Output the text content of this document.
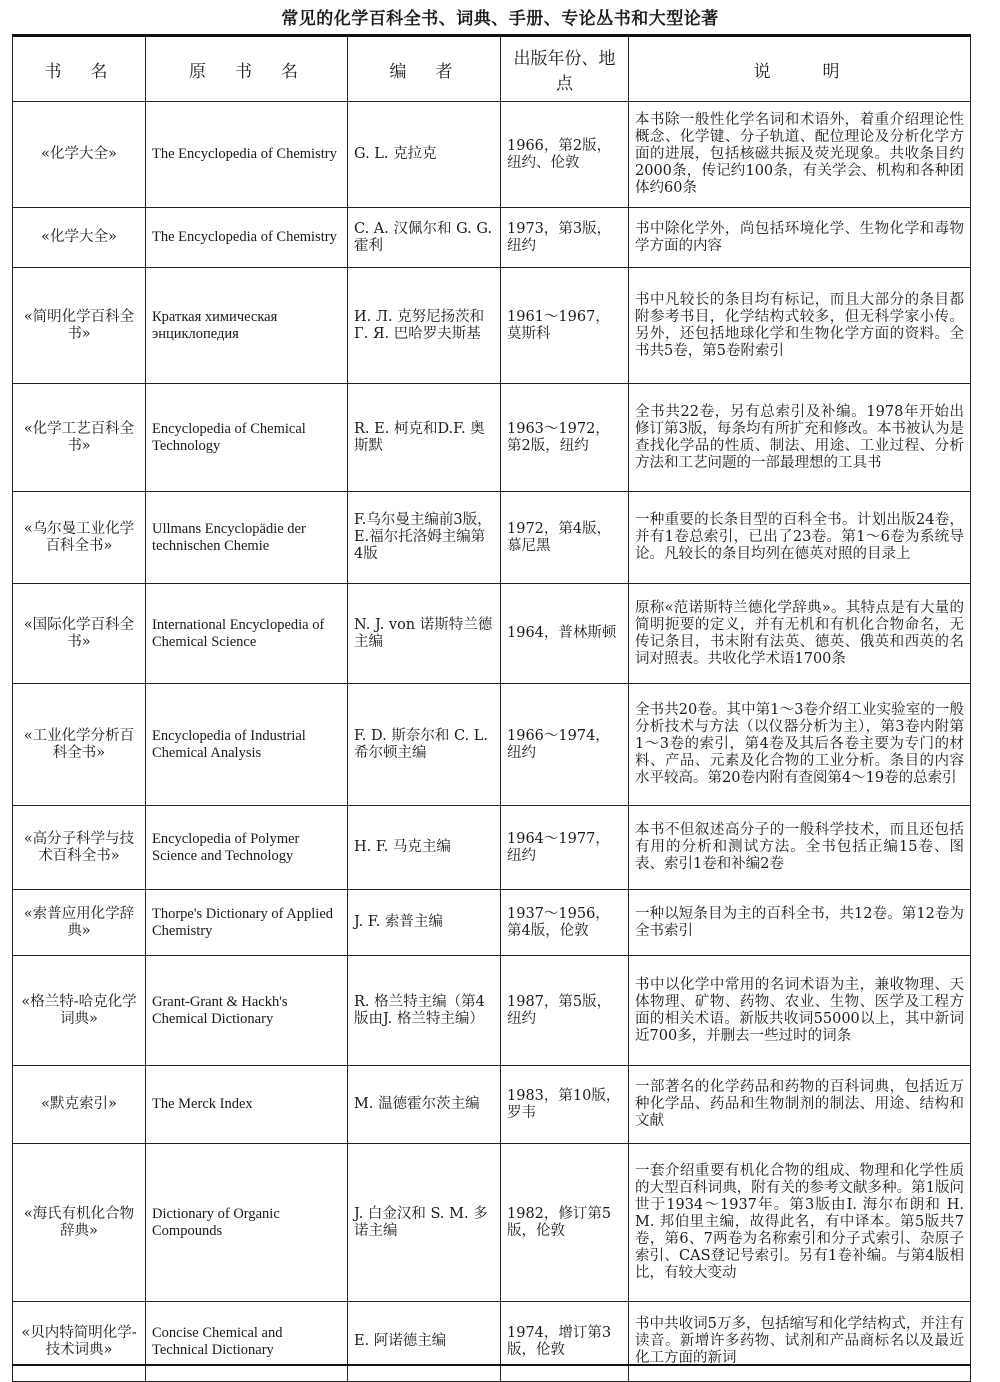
常见的化学百科全书、词典、手册、专论丛书和大型论著
书　名	原　书　名	编　者	出版年份、地点	说　　明
«化学大全»	The Encyclopedia of Chemistry	G. L. 克拉克	1966，第2版，纽约、伦敦	本书除一般性化学名词和术语外，着重介绍理论性概念、化学键、分子轨道、配位理论及分析化学方面的进展，包括核磁共振及荧光现象。共收条目约2000条，传记约100条，有关学会、机构和各种团体约60条
«化学大全»	The Encyclopedia of Chemistry	C. A. 汉佩尔和 G. G. 霍利	1973，第3版，纽约	书中除化学外，尚包括环境化学、生物化学和毒物学方面的内容
«简明化学百科全书»	Краткая химическая энциклопедия	И. Л. 克努尼扬茨和 Г. Я. 巴哈罗夫斯基	1961～1967，莫斯科	书中凡较长的条目均有标记，而且大部分的条目都附参考书目，化学结构式较多，但无科学家小传。另外，还包括地球化学和生物化学方面的资料。全书共5卷，第5卷附索引
«化学工艺百科全书»	Encyclopedia of Chemical Technology	R. E. 柯克和D.F. 奥斯默	1963～1972，第2版，纽约	全书共22卷，另有总索引及补编。1978年开始出修订第3版，每条均有所扩充和修改。本书被认为是查找化学品的性质、制法、用途、工业过程、分析方法和工艺问题的一部最理想的工具书
«乌尔曼工业化学百科全书»	Ullmans Encyclopädie der technischen Chemie	F.乌尔曼主编前3版，E.福尔托洛姆主编第4版	1972，第4版，慕尼黑	一种重要的长条目型的百科全书。计划出版24卷，并有1卷总索引，已出了23卷。第1～6卷为系统导论。凡较长的条目均列在德英对照的目录上
«国际化学百科全书»	International Encyclopedia of Chemical Science	N. J. von 诺斯特兰德主编	1964，普林斯顿	原称«范诺斯特兰德化学辞典»。其特点是有大量的简明扼要的定义，并有无机和有机化合物命名，无传记条目，书末附有法英、德英、俄英和西英的名词对照表。共收化学术语1700条
«工业化学分析百科全书»	Encyclopedia of Industrial Chemical Analysis	F. D. 斯奈尔和 C. L. 希尔顿主编	1966～1974，纽约	全书共20卷。其中第1～3卷介绍工业实验室的一般分析技术与方法（以仪器分析为主），第3卷内附第1～3卷的索引，第4卷及其后各卷主要为专门的材料、产品、元素及化合物的工业分析。条目的内容水平较高。第20卷内附有查阅第4～19卷的总索引
«高分子科学与技术百科全书»	Encyclopedia of Polymer Science and Technology	H. F. 马克主编	1964～1977，纽约	本书不但叙述高分子的一般科学技术，而且还包括有用的分析和测试方法。全书包括正编15卷、图表、索引1卷和补编2卷
«索普应用化学辞典»	Thorpe's Dictionary of Applied Chemistry	J. F. 索普主编	1937～1956，第4版，伦敦	一种以短条目为主的百科全书，共12卷。第12卷为全书索引
«格兰特-哈克化学词典»	Grant-Grant & Hackh's Chemical Dictionary	R. 格兰特主编（第4版由J. 格兰特主编）	1987，第5版，纽约	书中以化学中常用的名词术语为主，兼收物理、天体物理、矿物、药物、农业、生物、医学及工程方面的相关术语。新版共收词55000以上，其中新词近700多，并删去一些过时的词条
«默克索引»	The Merck Index	M. 温德霍尔茨主编	1983，第10版，罗韦	一部著名的化学药品和药物的百科词典，包括近万种化学品、药品和生物制剂的制法、用途、结构和文献
«海氏有机化合物辞典»	Dictionary of Organic Compounds	J. 白金汉和 S. M. 多诺主编	1982，修订第5版，伦敦	一套介绍重要有机化合物的组成、物理和化学性质的大型百科词典，附有关的参考文献多种。第1版问世于1934～1937年。第3版由I. 海尔布朗和 H. M. 邦伯里主编，故得此名，有中译本。第5版共7卷，第6、7两卷为名称索引和分子式索引、杂原子索引、CAS登记号索引。另有1卷补编。与第4版相比，有较大变动
«贝内特简明化学-技术词典»	Concise Chemical and Technical Dictionary	E. 阿诺德主编	1974，增订第3版，伦敦	书中共收词5万多，包括缩写和化学结构式，并注有读音。新增许多药物、试剂和产品商标名以及最近化工方面的新词
